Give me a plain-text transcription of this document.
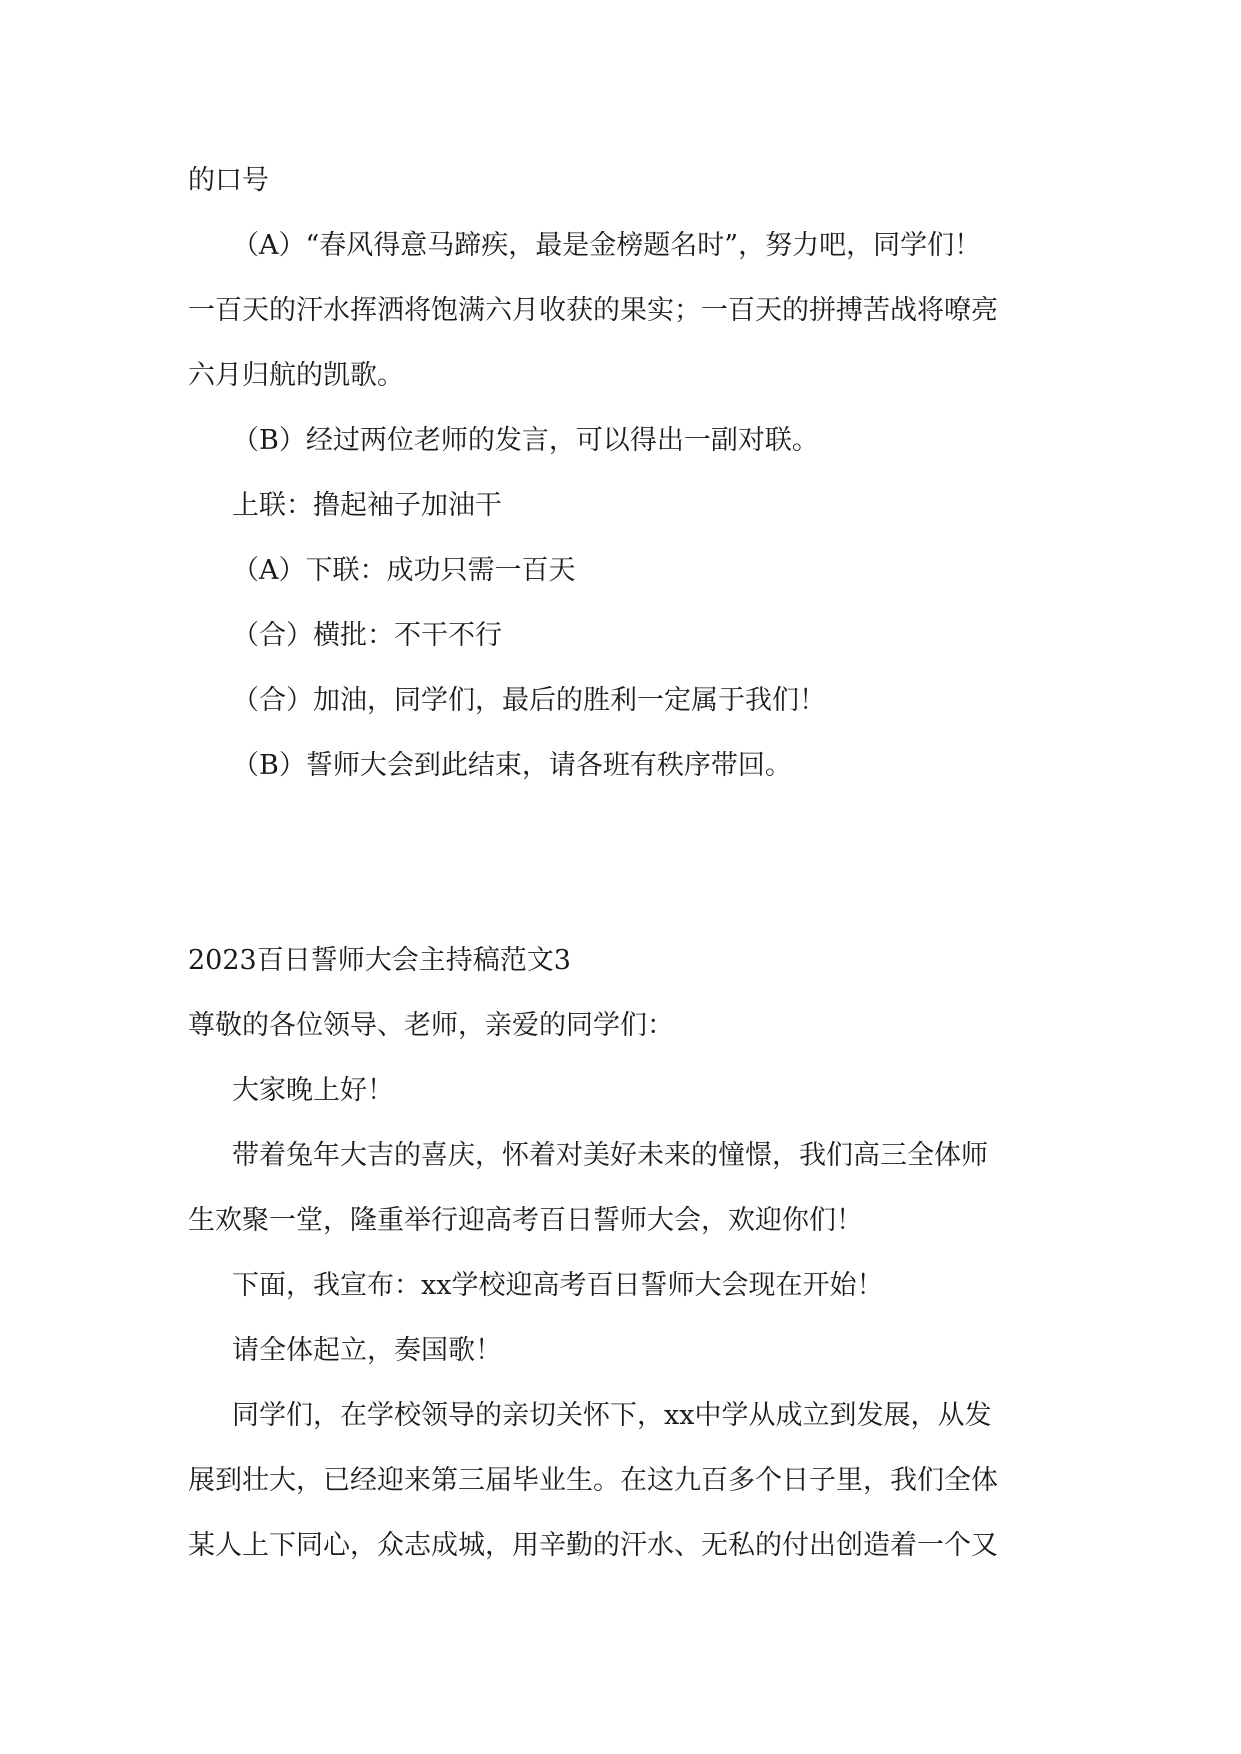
的口号

（A）“春风得意马蹄疾，最是金榜题名时”，努力吧，同学们！

一百天的汗水挥洒将饱满六月收获的果实；一百天的拼搏苦战将嘹亮

六月归航的凯歌。

（B）经过两位老师的发言，可以得出一副对联。

上联：撸起袖子加油干

（A）下联：成功只需一百天

（合）横批：不干不行

（合）加油，同学们，最后的胜利一定属于我们！

（B）誓师大会到此结束，请各班有秩序带回。

2023百日誓师大会主持稿范文3

尊敬的各位领导、老师，亲爱的同学们：

大家晚上好！

带着兔年大吉的喜庆，怀着对美好未来的憧憬，我们高三全体师

生欢聚一堂，隆重举行迎高考百日誓师大会，欢迎你们！

下面，我宣布：xx学校迎高考百日誓师大会现在开始！

请全体起立，奏国歌！

同学们，在学校领导的亲切关怀下，xx中学从成立到发展，从发

展到壮大，已经迎来第三届毕业生。在这九百多个日子里，我们全体

某人上下同心，众志成城，用辛勤的汗水、无私的付出创造着一个又
